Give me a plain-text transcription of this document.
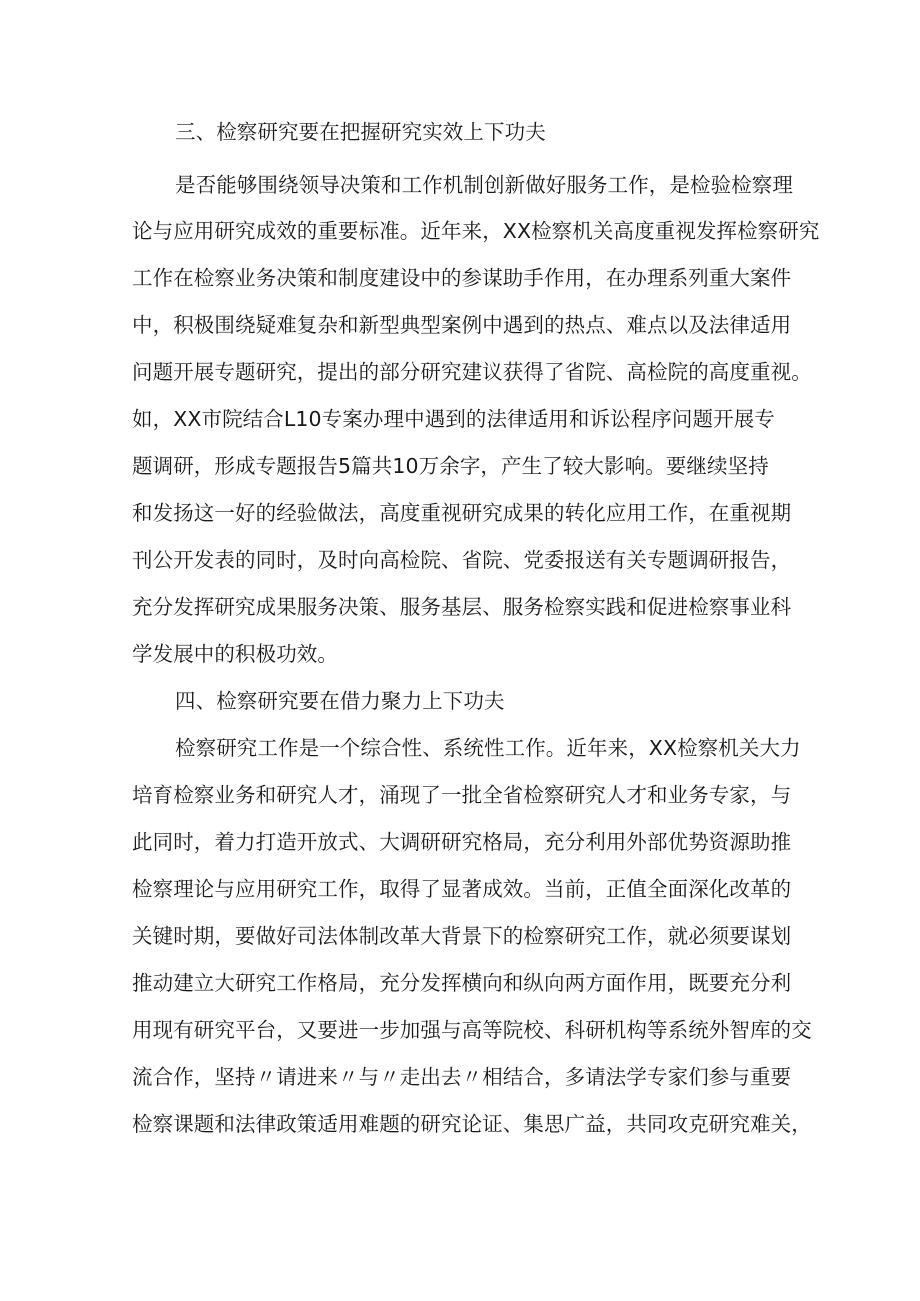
三、检察研究要在把握研究实效上下功夫
是否能够围绕领导决策和工作机制创新做好服务工作，是检验检察理
论与应用研究成效的重要标准。近年来，XX检察机关高度重视发挥检察研究
工作在检察业务决策和制度建设中的参谋助手作用，在办理系列重大案件
中，积极围绕疑难复杂和新型典型案例中遇到的热点、难点以及法律适用
问题开展专题研究，提出的部分研究建议获得了省院、高检院的高度重视。
如，XX市院结合L10专案办理中遇到的法律适用和诉讼程序问题开展专
题调研，形成专题报告5篇共10万余字，产生了较大影响。要继续坚持
和发扬这一好的经验做法，高度重视研究成果的转化应用工作，在重视期
刊公开发表的同时，及时向高检院、省院、党委报送有关专题调研报告，
充分发挥研究成果服务决策、服务基层、服务检察实践和促进检察事业科
学发展中的积极功效。
四、检察研究要在借力聚力上下功夫
检察研究工作是一个综合性、系统性工作。近年来，XX检察机关大力
培育检察业务和研究人才，涌现了一批全省检察研究人才和业务专家，与
此同时，着力打造开放式、大调研研究格局，充分利用外部优势资源助推
检察理论与应用研究工作，取得了显著成效。当前，正值全面深化改革的
关键时期，要做好司法体制改革大背景下的检察研究工作，就必须要谋划
推动建立大研究工作格局，充分发挥横向和纵向两方面作用，既要充分利
用现有研究平台，又要进一步加强与高等院校、科研机构等系统外智库的交
流合作，坚持〃请进来〃与〃走出去〃相结合，多请法学专家们参与重要
检察课题和法律政策适用难题的研究论证、集思广益，共同攻克研究难关，
